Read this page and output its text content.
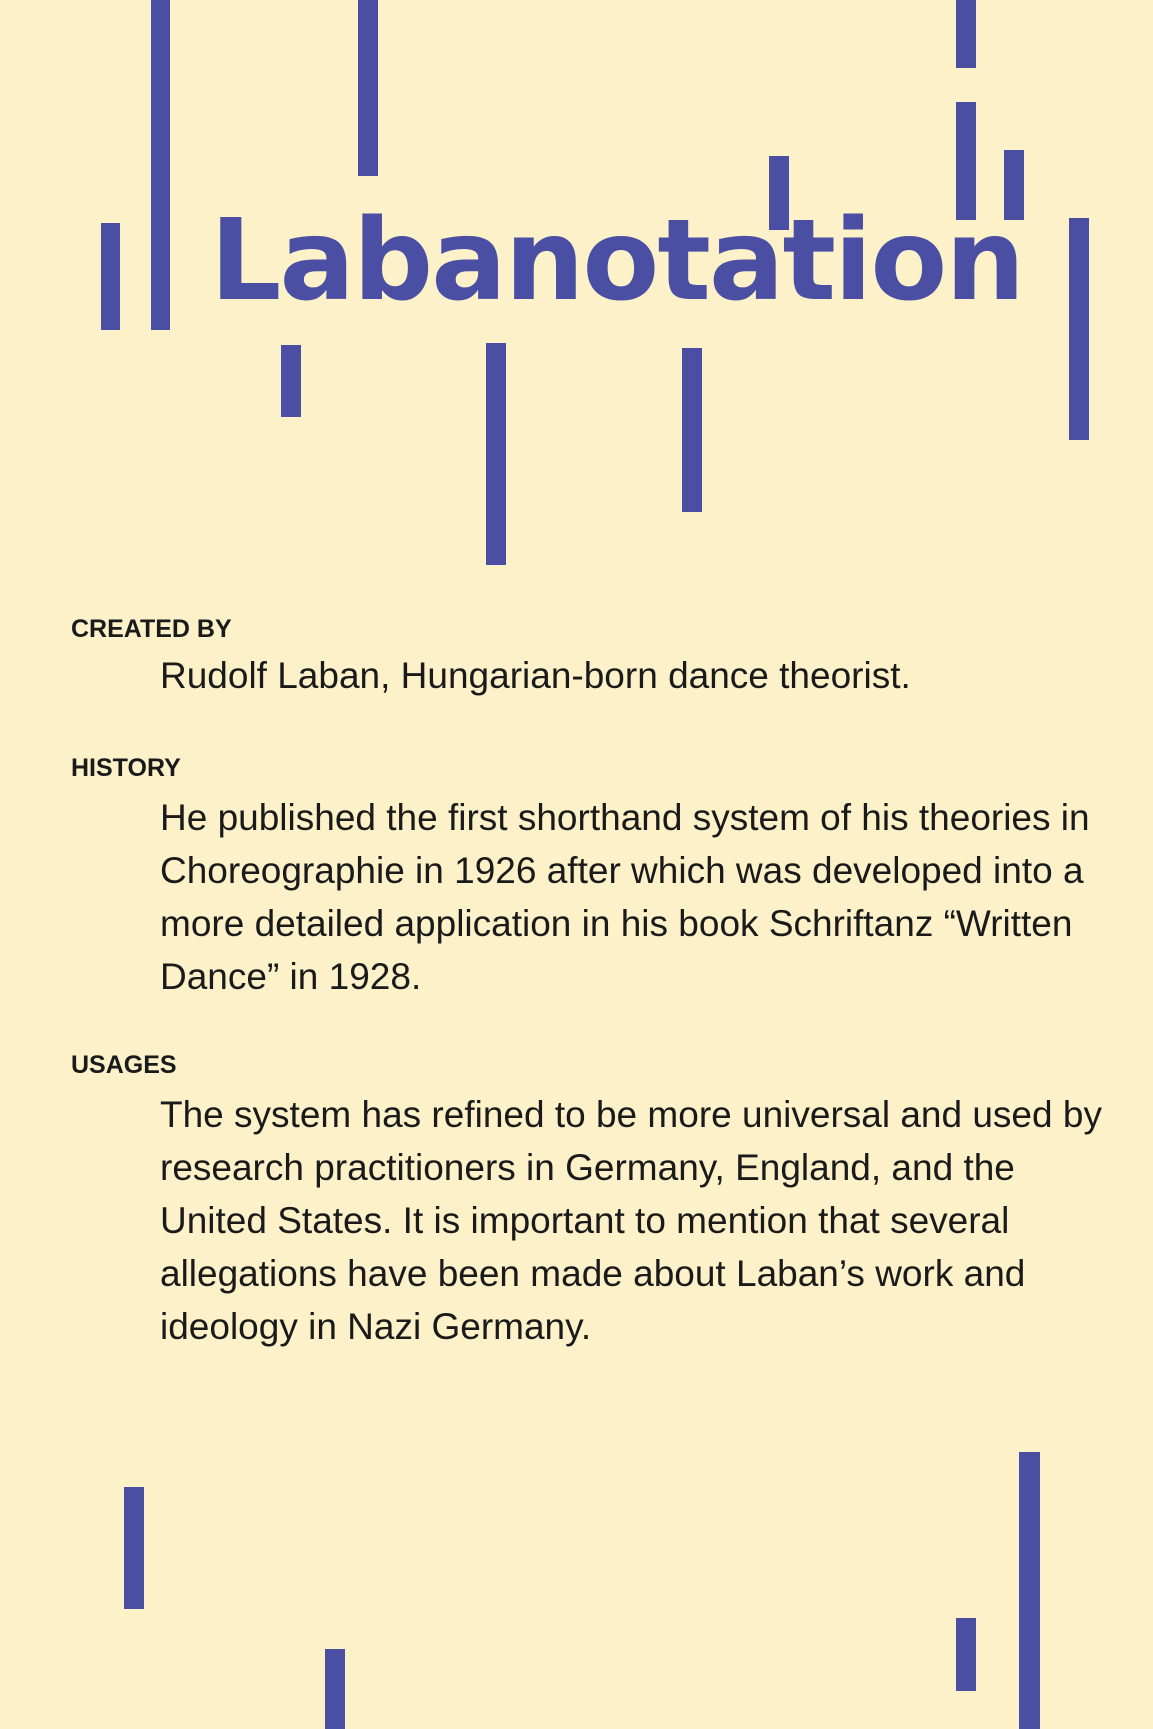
Labanotation
CREATED BY

Rudolf Laban, Hungarian-born dance theorist.

HISTORY

He published the first shorthand system of his theories in Choreographie in 1926 after which was developed into a more detailed application in his book Schriftanz “Written Dance” in 1928.

USAGES

The system has refined to be more universal and used by research practitioners in Germany, England, and the United States. It is important to mention that several allegations have been made about Laban’s work and ideology in Nazi Germany.
